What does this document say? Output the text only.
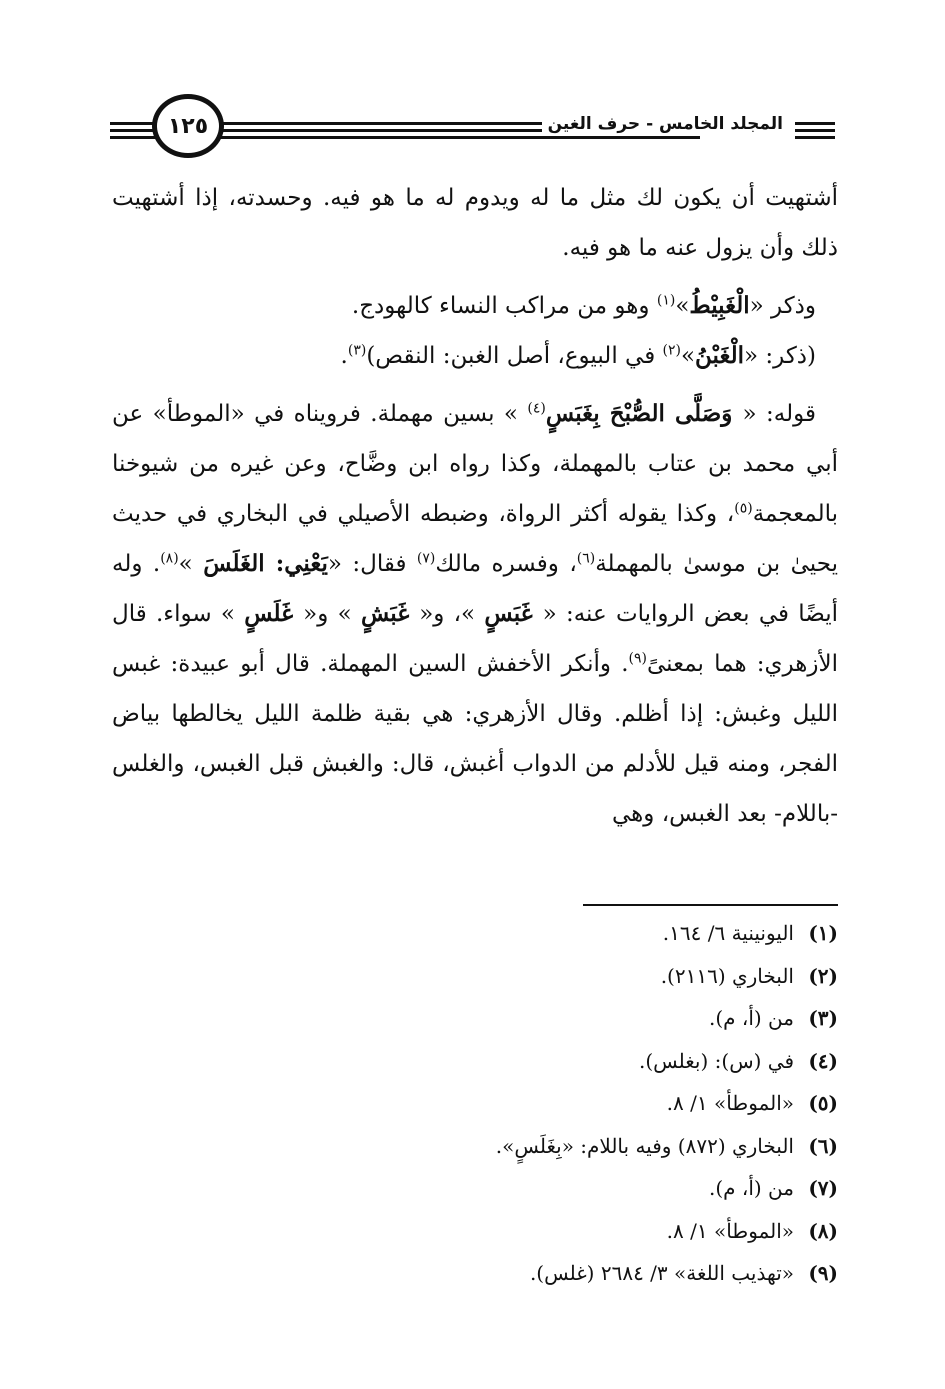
١٢٥	المجلد الخامس - حرف الغين

أشتهيت أن يكون لك مثل ما له ويدوم له ما هو فيه. وحسدته، إذا أشتهيت ذلك وأن يزول عنه ما هو فيه.

وذكر «الْغَبِيْطُ»$^{(١)}$ وهو من مراكب النساء كالهودج.

(ذكر: «الْغَبْنُ»$^{(٢)}$ في البيوع، أصل الغبن: النقص)$^{(٣)}$.

قوله: « وَصَلَّى الصُّبْحَ بِغَبَسٍ$^{(٤)}$ » بسين مهملة. فرويناه في «الموطأ» عن أبي محمد بن عتاب بالمهملة، وكذا رواه ابن وضَّاح، وعن غيره من شيوخنا بالمعجمة$^{(٥)}$، وكذا يقوله أكثر الرواة، وضبطه الأصيلي في البخاري في حديث يحيىٰ بن موسىٰ بالمهملة$^{(٦)}$، وفسره مالك$^{(٧)}$ فقال: «يَعْنِي: الغَلَسَ »$^{(٨)}$. وله أيضًا في بعض الروايات عنه: « غَبَسٍ »، و« غَبَشٍ » و« غَلَسٍ » سواء. قال الأزهري: هما بمعنىً$^{(٩)}$. وأنكر الأخفش السين المهملة. قال أبو عبيدة: غبس الليل وغبش: إذا أظلم. وقال الأزهري: هي بقية ظلمة الليل يخالطها بياض الفجر، ومنه قيل للأدلم من الدواب أغبش، قال: والغبش قبل الغبس، والغلس -باللام- بعد الغبس، وهي

(١)
اليونينية ٦/ ١٦٤.
(٢)
البخاري (٢١١٦).
(٣)
من (أ، م).
(٤)
في (س): (بغلس).
(٥)
«الموطأ» ١/ ٨.
(٦)
البخاري (٨٧٢) وفيه باللام: «بِغَلَسٍ».
(٧)
من (أ، م).
(٨)
«الموطأ» ١/ ٨.
(٩)
«تهذيب اللغة» ٣/ ٢٦٨٤ (غلس).
